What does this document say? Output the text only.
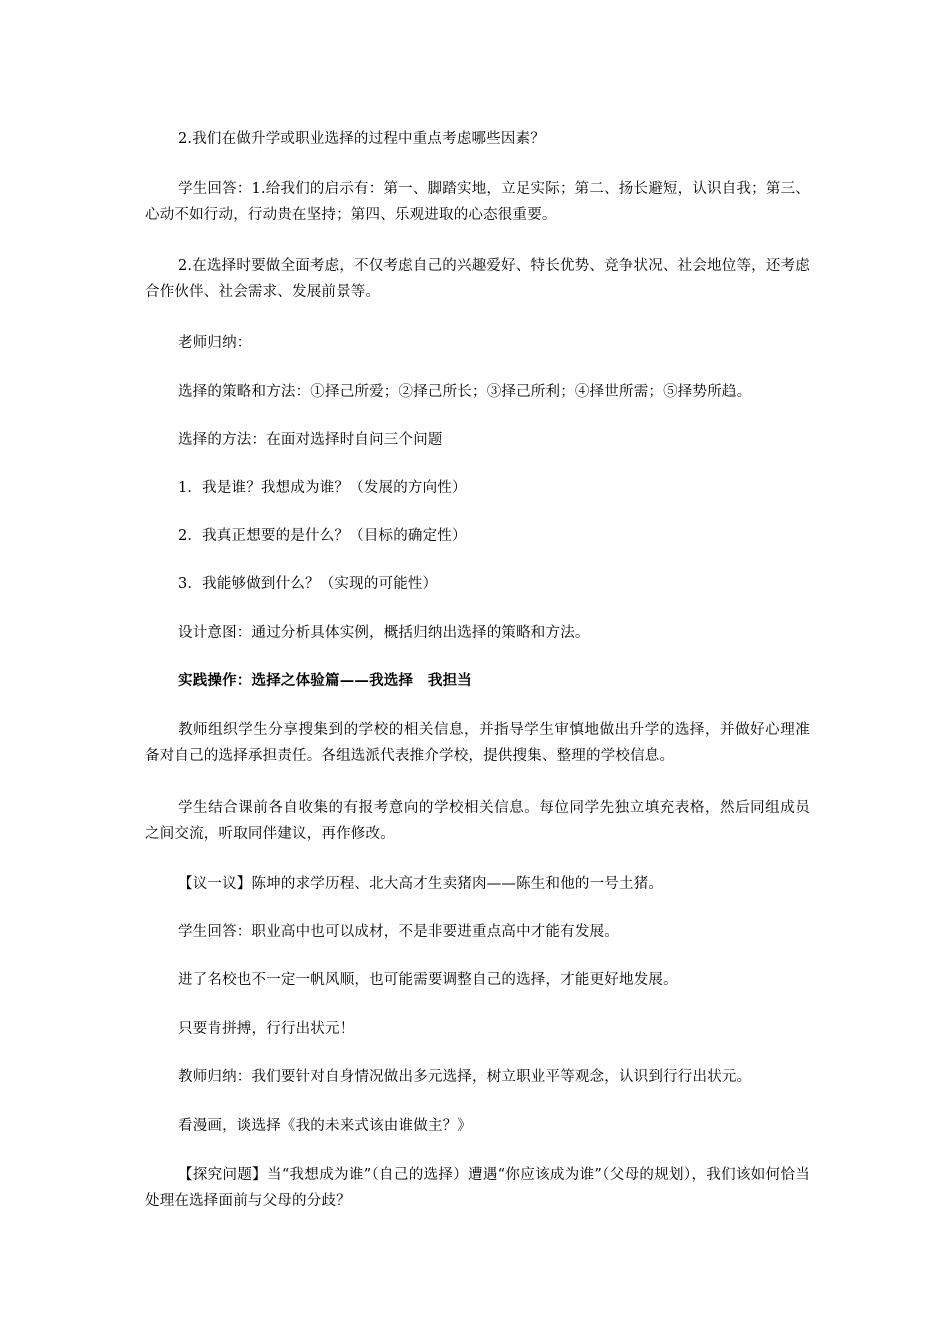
2.我们在做升学或职业选择的过程中重点考虑哪些因素？

学生回答：1.给我们的启示有：第一、脚踏实地，立足实际；第二、扬长避短，认识自我；第三、心动不如行动，行动贵在坚持；第四、乐观进取的心态很重要。

2.在选择时要做全面考虑，不仅考虑自己的兴趣爱好、特长优势、竞争状况、社会地位等，还考虑合作伙伴、社会需求、发展前景等。

老师归纳：

选择的策略和方法：①择己所爱；②择己所长；③择己所利；④择世所需；⑤择势所趋。

选择的方法：在面对选择时自问三个问题

1．我是谁？我想成为谁？（发展的方向性）

2．我真正想要的是什么？（目标的确定性）

3．我能够做到什么？（实现的可能性）

设计意图：通过分析具体实例，概括归纳出选择的策略和方法。

实践操作：选择之体验篇——我选择　我担当

教师组织学生分享搜集到的学校的相关信息，并指导学生审慎地做出升学的选择，并做好心理准备对自己的选择承担责任。各组选派代表推介学校，提供搜集、整理的学校信息。

学生结合课前各自收集的有报考意向的学校相关信息。每位同学先独立填充表格，然后同组成员之间交流，听取同伴建议，再作修改。

【议一议】陈坤的求学历程、北大高才生卖猪肉——陈生和他的一号土猪。

学生回答：职业高中也可以成材，不是非要进重点高中才能有发展。

进了名校也不一定一帆风顺，也可能需要调整自己的选择，才能更好地发展。

只要肯拼搏，行行出状元！

教师归纳：我们要针对自身情况做出多元选择，树立职业平等观念，认识到行行出状元。

看漫画，谈选择《我的未来式该由谁做主？》

【探究问题】当“我想成为谁”（自己的选择）遭遇“你应该成为谁”（父母的规划），我们该如何恰当处理在选择面前与父母的分歧？
